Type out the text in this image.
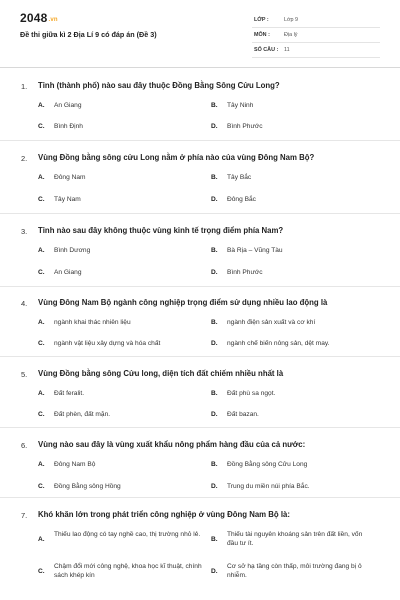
2048.vn
Đề thi giữa kì 2 Địa Lí 9 có đáp án (Đề 3)
LỚP :	Lớp 9
MÔN :	Địa lý
SỐ CÂU : 11
1. Tỉnh (thành phố) nào sau đây thuộc Đồng Bằng Sông Cửu Long?
A. An Giang	B. Tây Ninh
C. Bình Định	D. Bình Phước
2. Vùng Đồng bằng sông cửu Long nằm ở phía nào của vùng Đông Nam Bộ?
A. Đông Nam	B. Tây Bắc
C. Tây Nam	D. Đông Bắc
3. Tỉnh nào sau đây không thuộc vùng kinh tế trọng điểm phía Nam?
A. Bình Dương	B. Bà Rịa – Vũng Tàu
C. An Giang	D. Bình Phước
4. Vùng Đông Nam Bộ ngành công nghiệp trọng điểm sử dụng nhiều lao động là
A. ngành khai thác nhiên liệu	B. ngành điện sản xuất và cơ khí
C. ngành vật liệu xây dựng và hóa chất	D. ngành chế biến nông sản, dệt may.
5. Vùng Đồng bằng sông Cửu long, diện tích đất chiếm nhiều nhất là
A. Đất feralit.	B. Đất phù sa ngọt.
C. Đất phèn, đất mặn.	D. Đất bazan.
6. Vùng nào sau đây là vùng xuất khẩu nông phẩm hàng đầu của cả nước:
A. Đông Nam Bộ	B. Đồng Bằng sông Cửu Long
C. Đồng Bằng sông Hồng	D. Trung du miền núi phía Bắc.
7. Khó khăn lớn trong phát triển công nghiệp ở vùng Đông Nam Bộ là:
A.
Thiếu lao động có tay nghề cao, thị trường nhỏ lẻ.
B.
Thiếu tài nguyên khoáng sản trên đất liền, vốn đầu tư ít.
C.
Chậm đổi mới công nghệ, khoa học kĩ thuật, chính sách khép kín
D.
Cơ sở hạ tầng còn thấp, môi trường đang bị ô nhiễm.
